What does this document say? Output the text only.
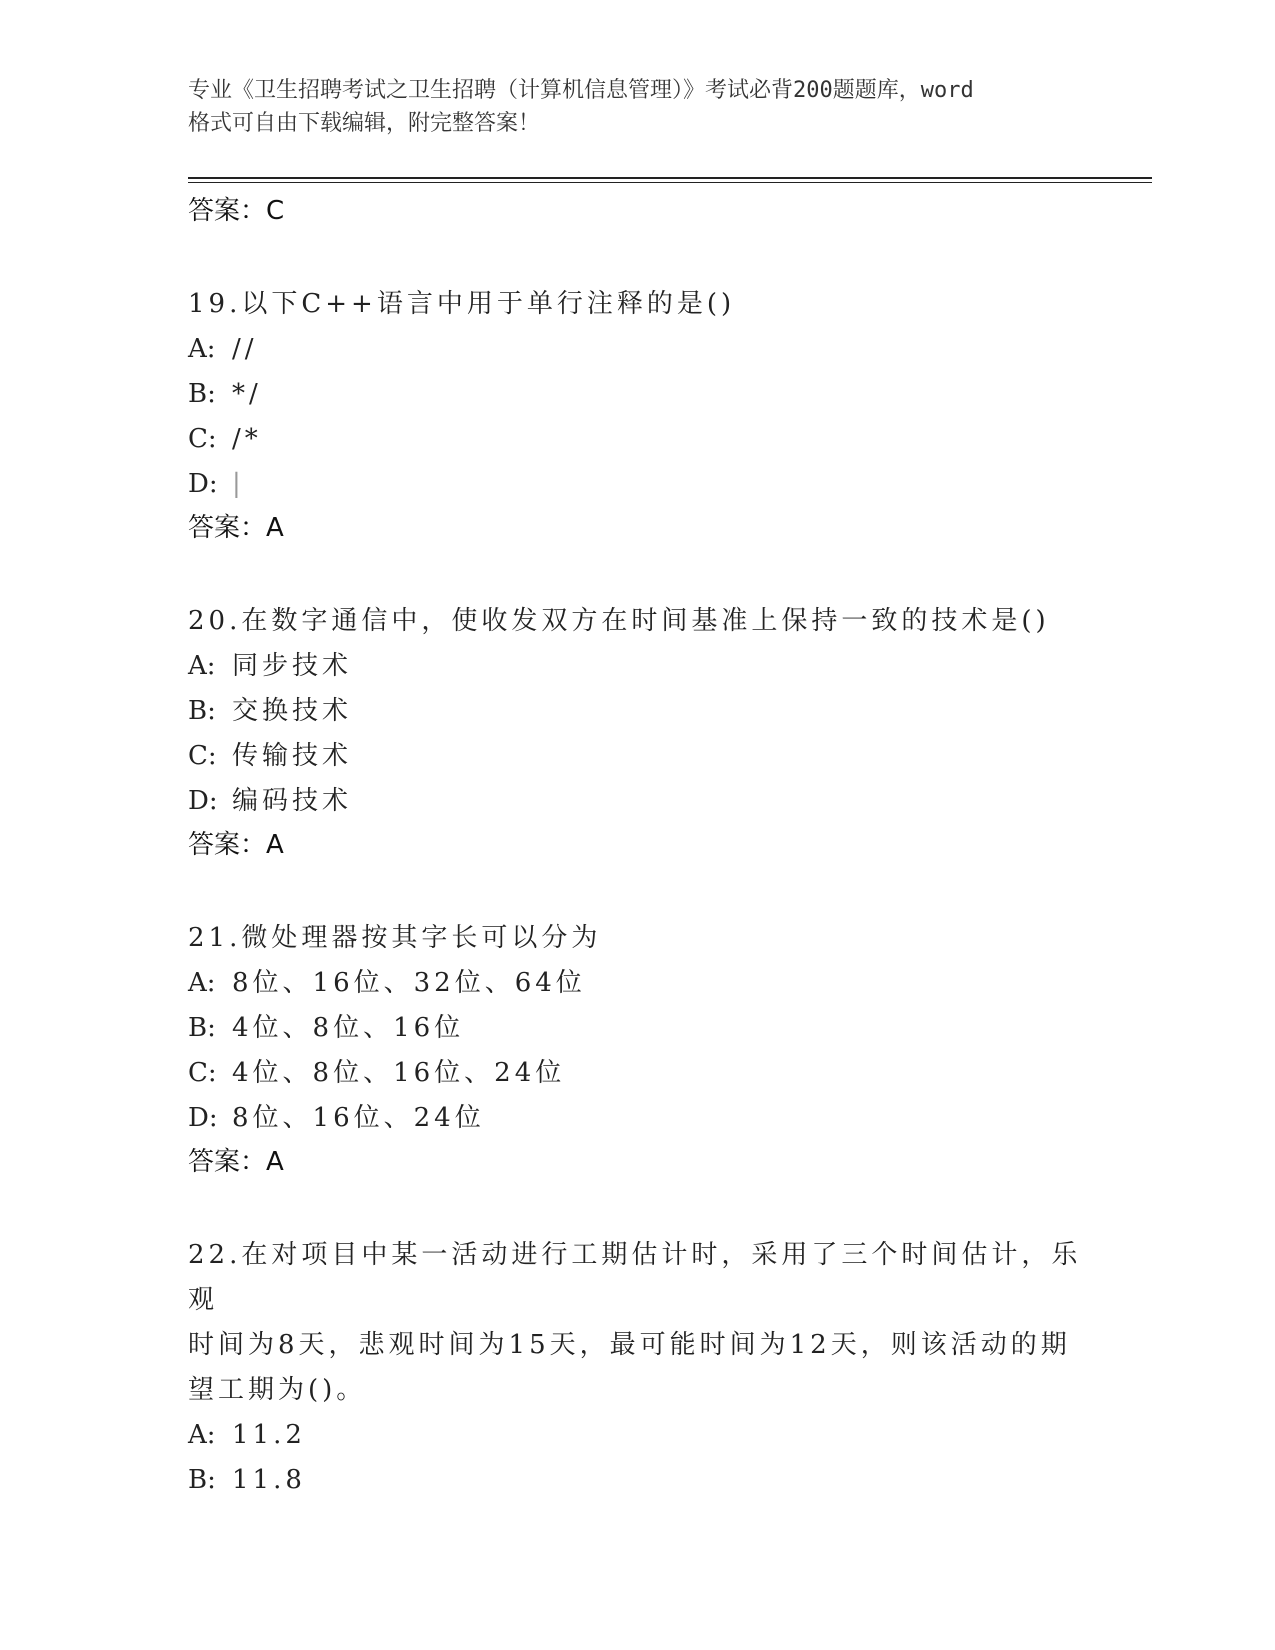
专业《卫生招聘考试之卫生招聘（计算机信息管理）》考试必背200题题库，word
格式可自由下载编辑，附完整答案！

答案：C

19.以下C++语言中用于单行注释的是()

A: //

B: */

C: /*

D: |

答案：A

20.在数字通信中，使收发双方在时间基准上保持一致的技术是()

A: 同步技术

B: 交换技术

C: 传输技术

D: 编码技术

答案：A

21.微处理器按其字长可以分为

A: 8位、16位、32位、64位

B: 4位、8位、16位

C: 4位、8位、16位、24位

D: 8位、16位、24位

答案：A

22.在对项目中某一活动进行工期估计时，采用了三个时间估计，乐观

时间为8天，悲观时间为15天，最可能时间为12天，则该活动的期

望工期为()。

A: 11.2

B: 11.8
